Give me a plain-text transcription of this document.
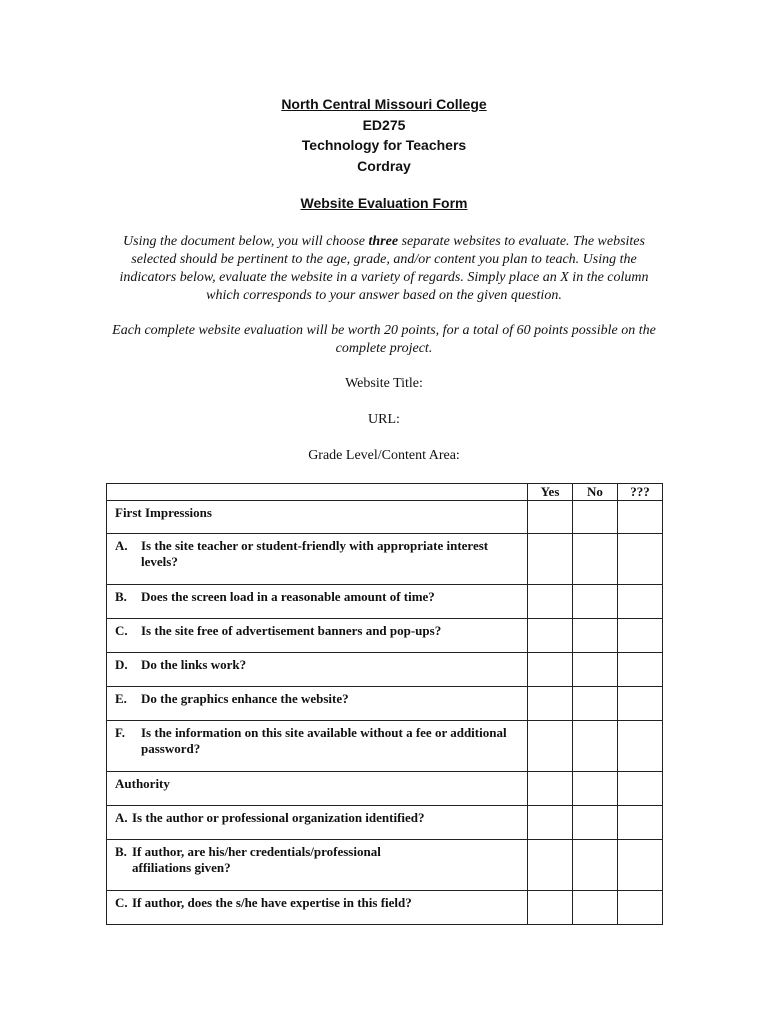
North Central Missouri College
ED275
Technology for Teachers
Cordray
Website Evaluation Form
Using the document below, you will choose three separate websites to evaluate. The websites selected should be pertinent to the age, grade, and/or content you plan to teach. Using the indicators below, evaluate the website in a variety of regards. Simply place an X in the column which corresponds to your answer based on the given question.
Each complete website evaluation will be worth 20 points, for a total of 60 points possible on the complete project.
Website Title:
URL:
Grade Level/Content Area:
	Yes	No	???
First Impressions			

A. Is the site teacher or student-friendly with appropriate interest levels?			

B. Does the screen load in a reasonable amount of time?			

C. Is the site free of advertisement banners and pop-ups?			

D. Do the links work?			

E. Do the graphics enhance the website?			

F. Is the information on this site available without a fee or additional password?			

Authority			

A. Is the author or professional organization identified?			

B. If author, are his/her credentials/professional affiliations given?			

C. If author, does the s/he have expertise in this field?			
